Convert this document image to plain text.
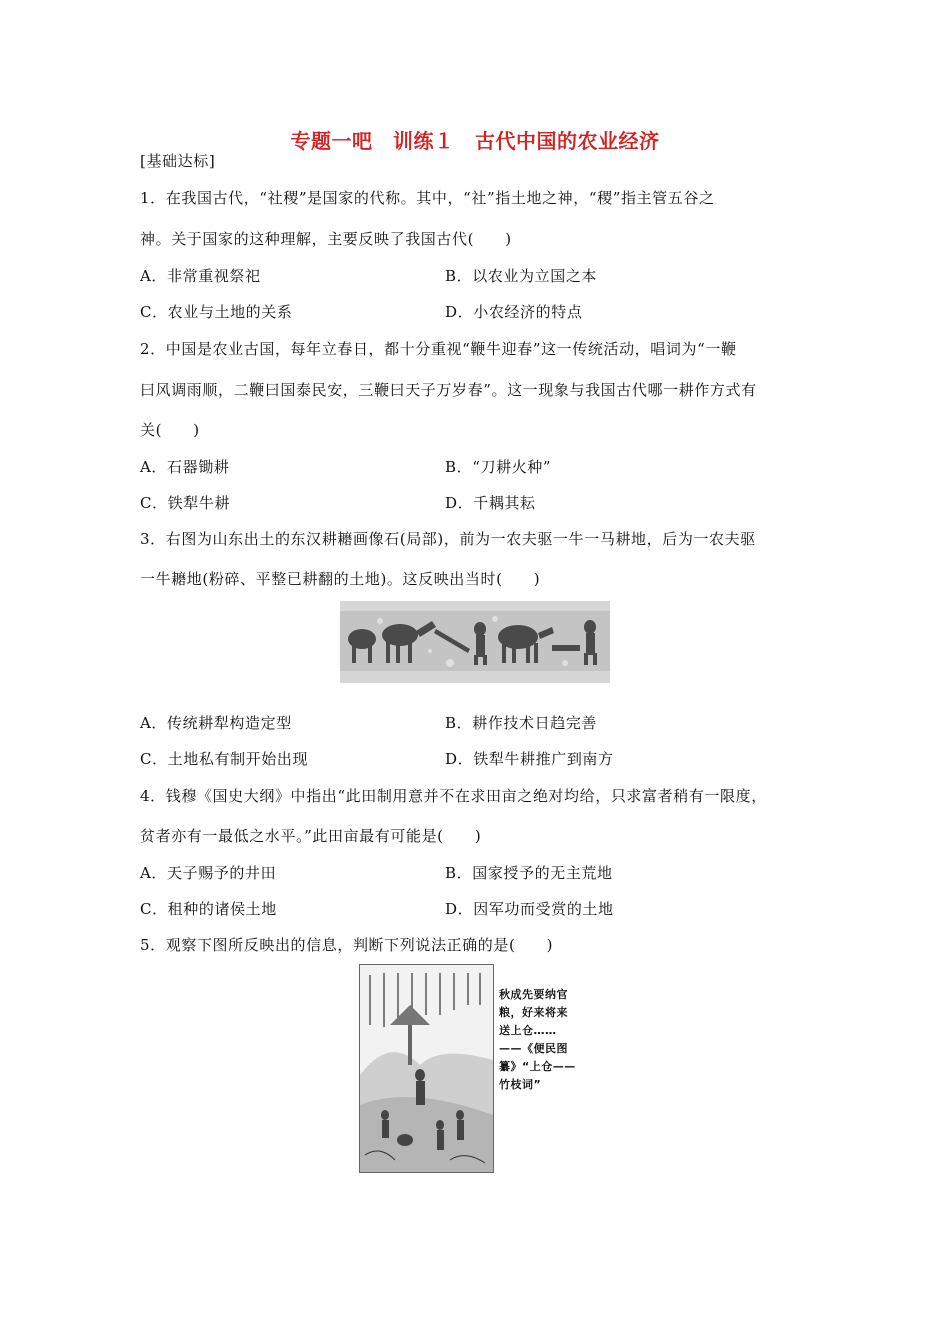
专题一吧　训练１　古代中国的农业经济
[基础达标]
1．在我国古代，“社稷”是国家的代称。其中，“社”指土地之神，“稷”指主管五谷之
神。关于国家的这种理解，主要反映了我国古代(　　)
A．非常重视祭祀	B．以农业为立国之本
C．农业与土地的关系	D．小农经济的特点
2．中国是农业古国，每年立春日，都十分重视“鞭牛迎春”这一传统活动，唱词为“一鞭
曰风调雨顺，二鞭曰国泰民安，三鞭曰天子万岁春”。这一现象与我国古代哪一耕作方式有
关(　　)
A．石器锄耕	B．“刀耕火种”
C．铁犁牛耕	D．千耦其耘
3．右图为山东出土的东汉耕耱画像石(局部)，前为一农夫驱一牛一马耕地，后为一农夫驱
一牛耱地(粉碎、平整已耕翻的土地)。这反映出当时(　　)
A．传统耕犁构造定型	B．耕作技术日趋完善
C．土地私有制开始出现	D．铁犁牛耕推广到南方
4．钱穆《国史大纲》中指出“此田制用意并不在求田亩之绝对均给，只求富者稍有一限度，
贫者亦有一最低之水平。”此田亩最有可能是(　　)
A．天子赐予的井田	B．国家授予的无主荒地
C．租种的诸侯土地	D．因军功而受赏的土地
5．观察下图所反映出的信息，判断下列说法正确的是(　　)
秋成先要纳官
粮，好来将来
送上仓……
——《便民图
纂》“上仓——
竹枝词”
